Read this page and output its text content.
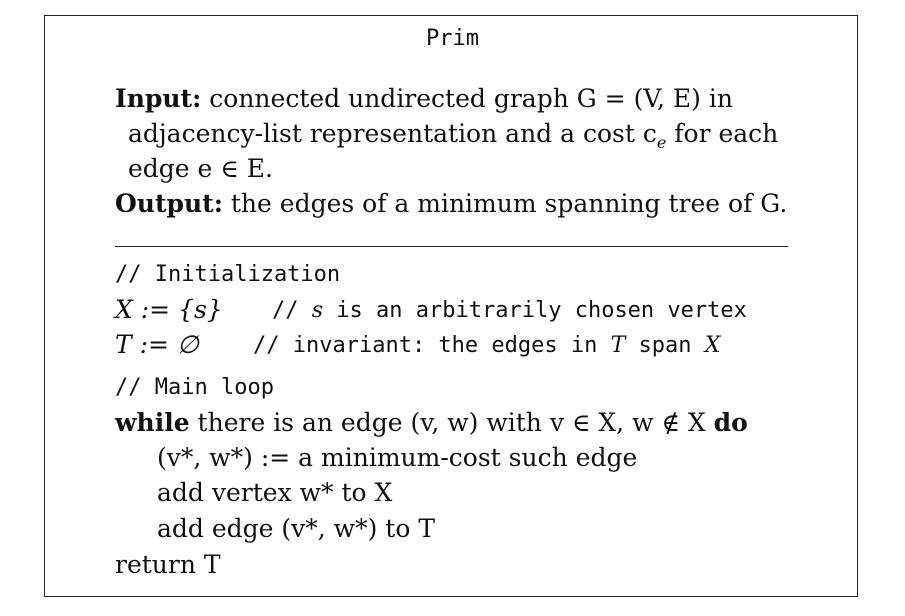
Prim
Input: connected undirected graph G = (V, E) in
adjacency-list representation and a cost $c_e$ for each
edge e ∈ E.
Output: the edges of a minimum spanning tree of G.
// Initialization
X := {s} // s is an arbitrarily chosen vertex
T := ∅ // invariant: the edges in T span X
// Main loop
while there is an edge (v, w) with v ∈ X, w ∉ X do
(v*, w*) := a minimum-cost such edge
add vertex w* to X
add edge (v*, w*) to T
return T
